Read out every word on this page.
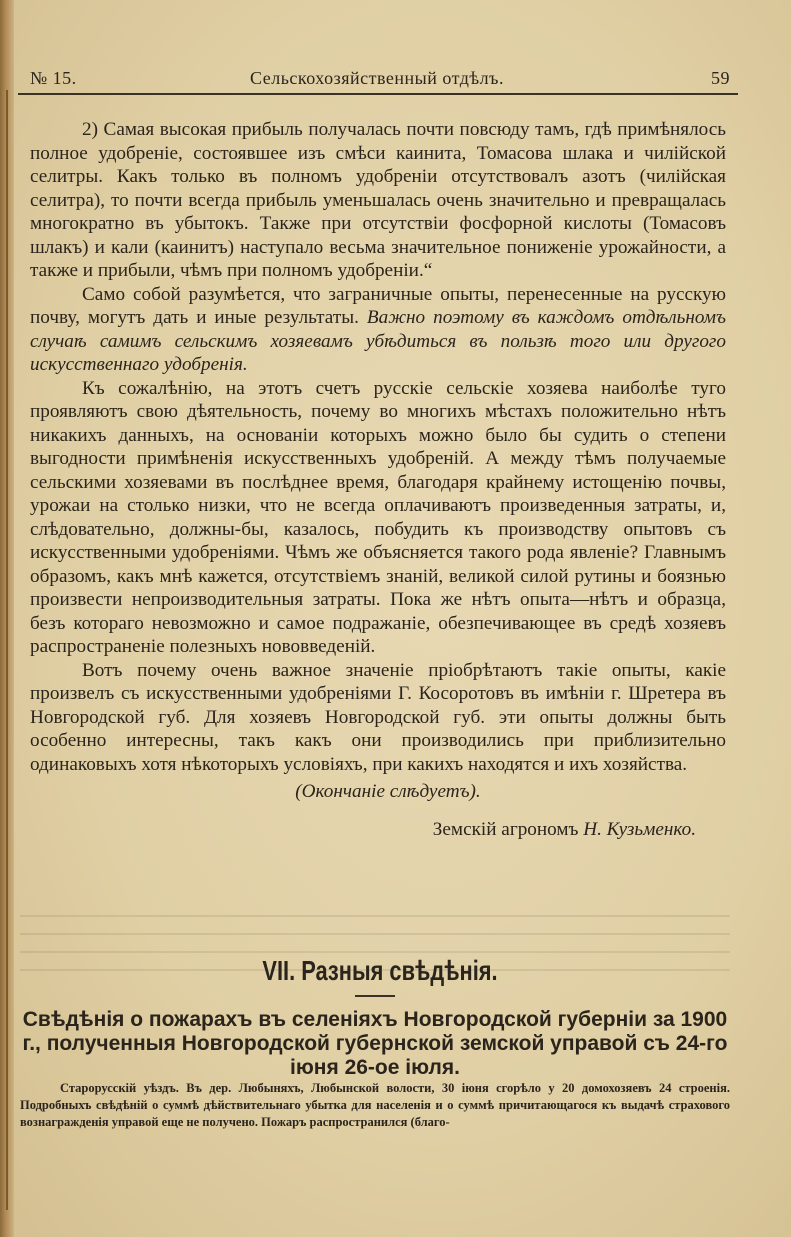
№ 15.	Сельскохозяйственный отдѣлъ.	59

2) Самая высокая прибыль получалась почти повсюду тамъ, гдѣ примѣнялось полное удобреніе, состоявшее изъ смѣси каинита, Томасова шлака и чилійской селитры. Какъ только въ полномъ удобреніи отсутствовалъ азотъ (чилійская селитра), то почти всегда прибыль уменьшалась очень значительно и превращалась многократно въ убытокъ. Также при отсутствіи фосфорной кислоты (Томасовъ шлакъ) и кали (каинитъ) наступало весьма значительное пониженіе урожайности, а также и прибыли, чѣмъ при полномъ удобреніи.“

Само собой разумѣется, что заграничные опыты, перенесенные на русскую почву, могутъ дать и иные результаты. Важно поэтому въ каждомъ отдѣльномъ случаѣ самимъ сельскимъ хозяевамъ убѣдиться въ пользѣ того или другого искусственнаго удобренія.

Къ сожалѣнію, на этотъ счетъ русскіе сельскіе хозяева наиболѣе туго проявляютъ свою дѣятельность, почему во многихъ мѣстахъ положительно нѣтъ никакихъ данныхъ, на основаніи которыхъ можно было бы судить о степени выгодности примѣненія искусственныхъ удобреній. А между тѣмъ получаемые сельскими хозяевами въ послѣднее время, благодаря крайнему истощенію почвы, урожаи на столько низки, что не всегда оплачиваютъ произведенныя затраты, и, слѣдовательно, должны-бы, казалось, побудить къ производству опытовъ съ искусственными удобреніями. Чѣмъ же объясняется такого рода явленіе? Главнымъ образомъ, какъ мнѣ кажется, отсутствіемъ знаній, великой силой рутины и боязнью произвести непроизводительныя затраты. Пока же нѣтъ опыта—нѣтъ и образца, безъ котораго невозможно и самое подражаніе, обезпечивающее въ средѣ хозяевъ распространеніе полезныхъ нововведеній.

Вотъ почему очень важное значеніе пріобрѣтаютъ такіе опыты, какіе произвелъ съ искусственными удобреніями Г. Косоротовъ въ имѣніи г. Шретера въ Новгородской губ. Для хозяевъ Новгородской губ. эти опыты должны быть особенно интересны, такъ какъ они производились при приблизительно одинаковыхъ хотя нѣкоторыхъ условіяхъ, при какихъ находятся и ихъ хозяйства.

(Окончаніе слѣдуетъ).

Земскій агрономъ Н. Кузьменко.

VII. Разныя свѣдѣнія.
Свѣдѣнія о пожарахъ въ селеніяхъ Новгородской губерніи за 1900 г., полученныя Новгородской губернской земской управой съ 24-го іюня 26-ое іюля.
Старорусскій уѣздъ. Въ дер. Любыняхъ, Любынской волости, 30 іюня сгорѣло у 20 домохозяевъ 24 строенія. Подробныхъ свѣдѣній о суммѣ дѣйствительнаго убытка для населенія и о суммѣ причитающагося къ выдачѣ страхового вознагражденія управой еще не получено. Пожаръ распространился (благо-
